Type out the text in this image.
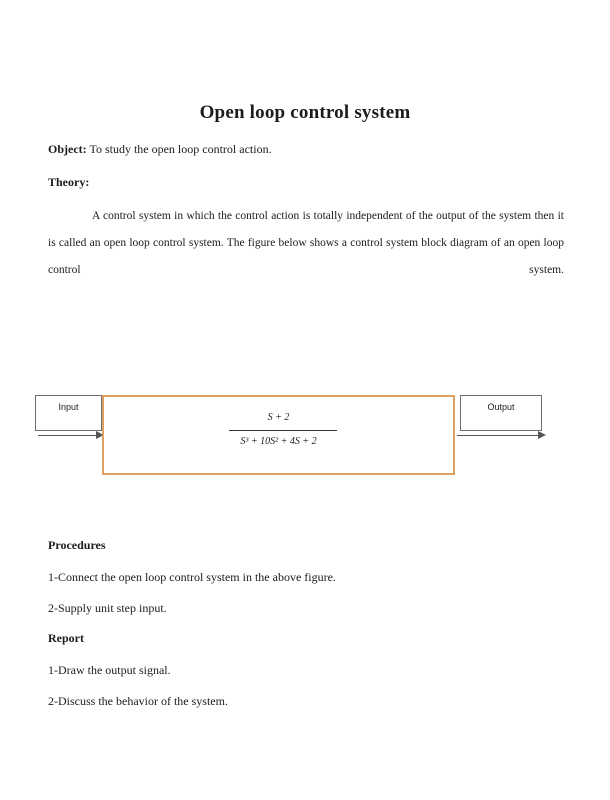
Open loop control system
Object: To study the open loop control action.
Theory:
A control system in which the control action is totally independent of the output of the system then it is called an open loop control system. The figure below shows a control system block diagram of an open loop control system.
Input
S + 2
S³ + 10S² + 4S + 2
Output
Procedures
1-Connect the open loop control system in the above figure.
2-Supply unit step input.
Report
1-Draw the output signal.
2-Discuss the behavior of the system.
